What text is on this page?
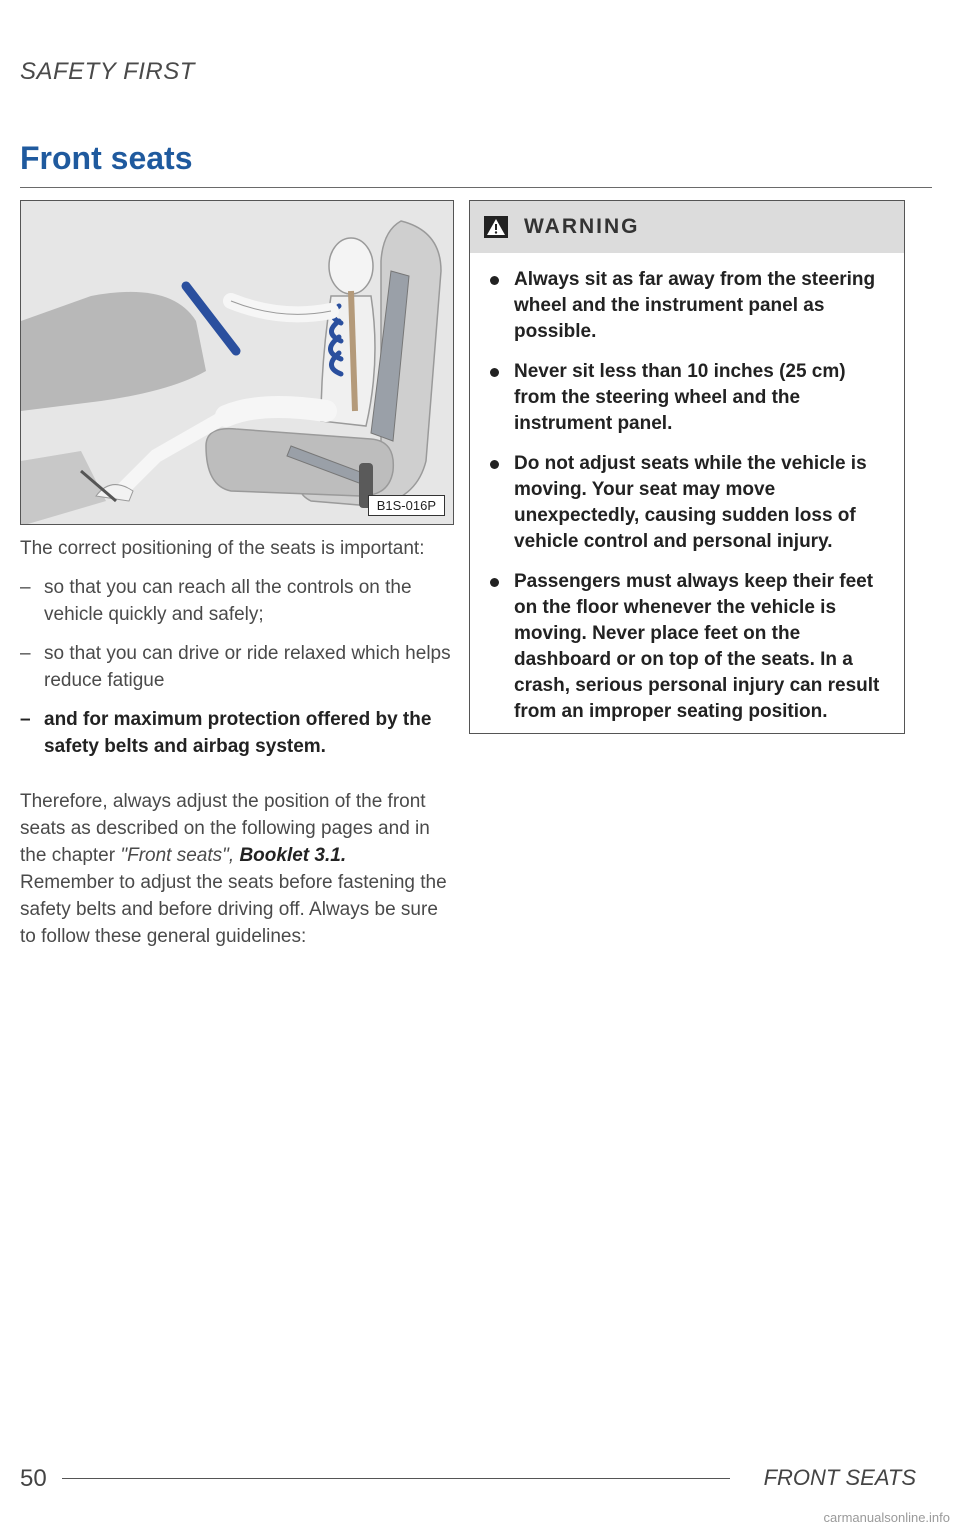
SAFETY FIRST
Front seats
B1S-016P

The correct positioning of the seats is important:

– so that you can reach all the controls on the vehicle quickly and safely;
– so that you can drive or ride relaxed which helps reduce fatigue
– and for maximum protection offered by the safety belts and airbag system.

Therefore, always adjust the position of the front seats as described on the following pages and in the chapter "Front seats", Booklet 3.1.

Remember to adjust the seats before fastening the safety belts and before driving off. Always be sure to follow these general guidelines:

WARNING
Always sit as far away from the steering wheel and the instrument panel as possible.
Never sit less than 10 inches (25 cm) from the steering wheel and the instrument panel.
Do not adjust seats while the vehicle is moving. Your seat may move unexpectedly, causing sudden loss of vehicle control and personal injury.
Passengers must always keep their feet on the floor whenever the vehicle is moving. Never place feet on the dashboard or on top of the seats. In a crash, serious personal injury can result from an improper seating position.
50	FRONT SEATS
carmanualsonline.info
